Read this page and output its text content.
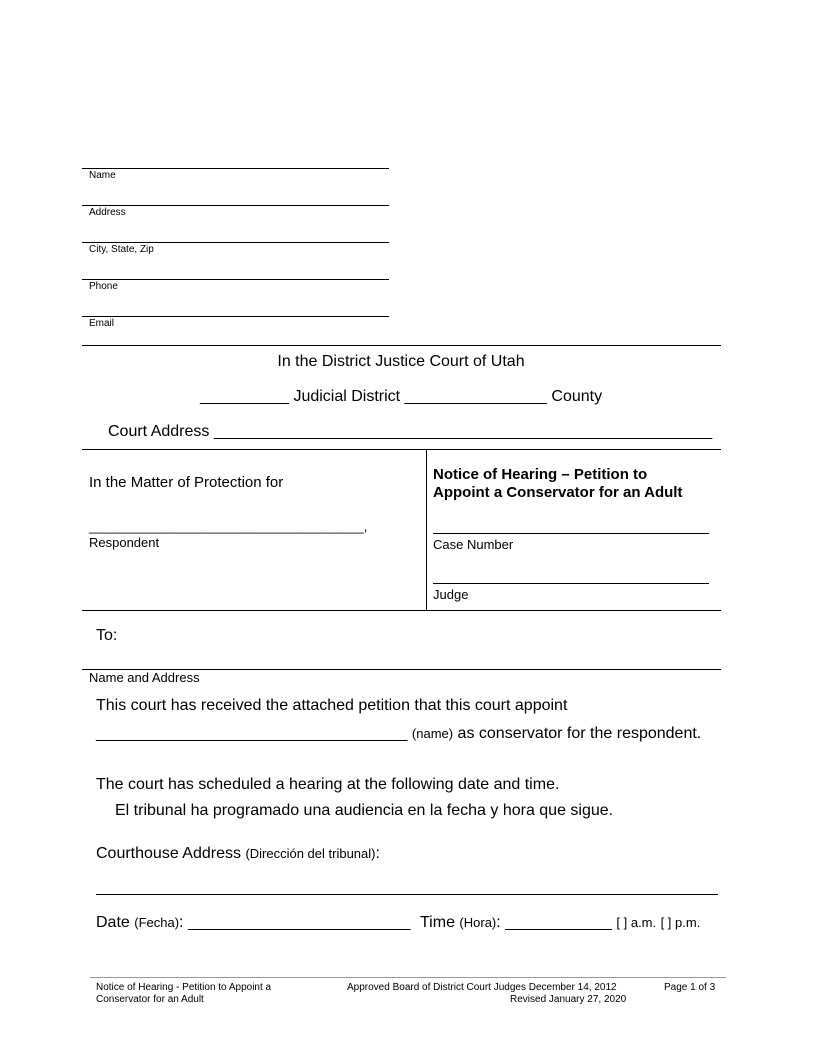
Name
Address
City, State, Zip
Phone
Email
In the District Justice Court of Utah
__________ Judicial District ________________ County
Court Address ________________________________________________________
In the Matter of Protection for
______________________________________,
Respondent
Notice of Hearing – Petition to
Appoint a Conservator for an Adult
Case Number
Judge
To:
Name and Address
This court has received the attached petition that this court appoint
___________________________________ (name) as conservator for the respondent.
The court has scheduled a hearing at the following date and time.
El tribunal ha programado una audiencia en la fecha y hora que sigue.
Courthouse Address (Dirección del tribunal):
Date (Fecha): _________________________ Time (Hora): ____________ [ ] a.m. [ ] p.m.
Notice of Hearing - Petition to Appoint a
Conservator for an Adult
Approved Board of District Court Judges December 14, 2012
Revised January 27, 2020
Page 1 of 3
